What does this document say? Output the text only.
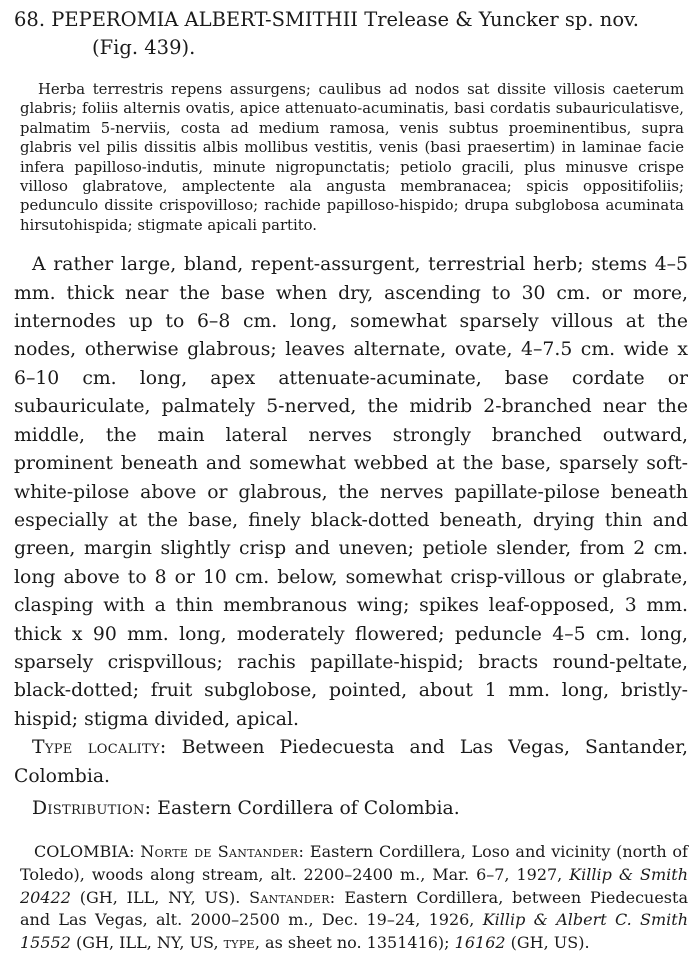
68. PEPEROMIA ALBERT-SMITHII Trelease & Yuncker sp. nov.
(Fig. 439).

Herba terrestris repens assurgens; caulibus ad nodos sat dissite villosis caeterum glabris; foliis alternis ovatis, apice attenuato-acuminatis, basi cordatis subauriculatisve, palmatim 5-nerviis, costa ad medium ramosa, venis subtus proeminentibus, supra glabris vel pilis dissitis albis mollibus vestitis, venis (basi praesertim) in laminae facie infera papilloso-indutis, minute nigropunctatis; petiolo gracili, plus minusve crispe villoso glabratove, amplectente ala angusta membranacea; spicis oppositifoliis; pedunculo dissite crispovilloso; rachide papilloso-hispido; drupa subglobosa acuminata hirsutohispida; stigmate apicali partito.

A rather large, bland, repent-assurgent, terrestrial herb; stems 4–5 mm. thick near the base when dry, ascending to 30 cm. or more, internodes up to 6–8 cm. long, somewhat sparsely villous at the nodes, otherwise glabrous; leaves alternate, ovate, 4–7.5 cm. wide x 6–10 cm. long, apex attenuate-acuminate, base cordate or subauriculate, palmately 5-nerved, the midrib 2-branched near the middle, the main lateral nerves strongly branched outward, prominent beneath and somewhat webbed at the base, sparsely soft-white-pilose above or glabrous, the nerves papillate-pilose beneath especially at the base, finely black-dotted beneath, drying thin and green, margin slightly crisp and uneven; petiole slender, from 2 cm. long above to 8 or 10 cm. below, somewhat crisp-villous or glabrate, clasping with a thin membranous wing; spikes leaf-opposed, 3 mm. thick x 90 mm. long, moderately flowered; peduncle 4–5 cm. long, sparsely crispvillous; rachis papillate-hispid; bracts round-peltate, black-dotted; fruit subglobose, pointed, about 1 mm. long, bristly-hispid; stigma divided, apical.

Type locality: Between Piedecuesta and Las Vegas, Santander, Colombia.

Distribution: Eastern Cordillera of Colombia.

COLOMBIA: Norte de Santander: Eastern Cordillera, Loso and vicinity (north of Toledo), woods along stream, alt. 2200–2400 m., Mar. 6–7, 1927, Killip & Smith 20422 (GH, ILL, NY, US). Santander: Eastern Cordillera, between Piedecuesta and Las Vegas, alt. 2000–2500 m., Dec. 19–24, 1926, Killip & Albert C. Smith 15552 (GH, ILL, NY, US, type, as sheet no. 1351416); 16162 (GH, US).
